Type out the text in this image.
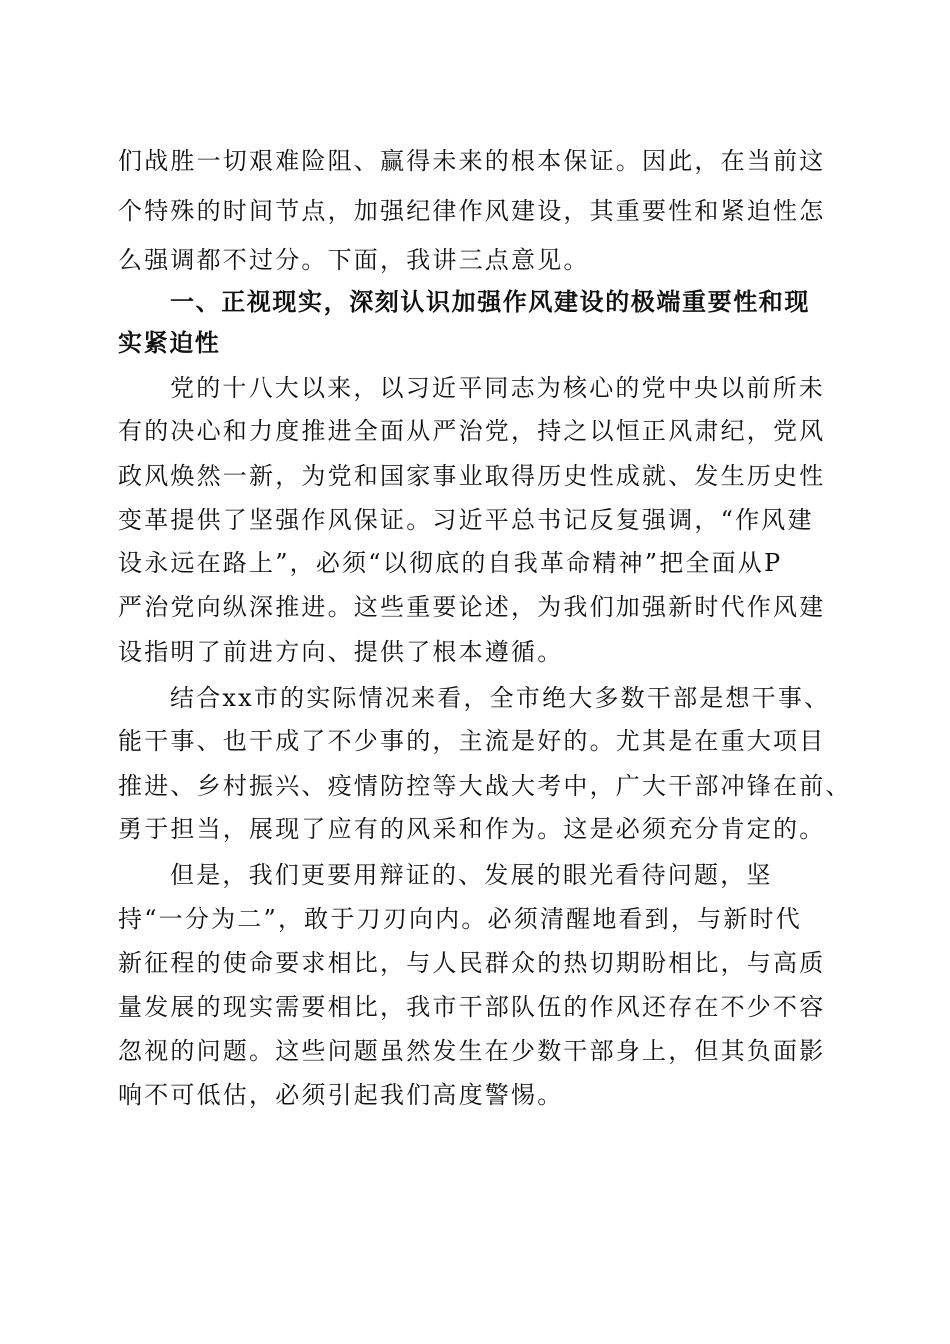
们战胜一切艰难险阻、赢得未来的根本保证。因此，在当前这
个特殊的时间节点，加强纪律作风建设，其重要性和紧迫性怎
么强调都不过分。下面，我讲三点意见。
一、正视现实，深刻认识加强作风建设的极端重要性和现
实紧迫性
党的十八大以来，以习近平同志为核心的党中央以前所未
有的决心和力度推进全面从严治党，持之以恒正风肃纪，党风
政风焕然一新，为党和国家事业取得历史性成就、发生历史性
变革提供了坚强作风保证。习近平总书记反复强调，“作风建
设永远在路上”，必须“以彻底的自我革命精神”把全面从P
严治党向纵深推进。这些重要论述，为我们加强新时代作风建
设指明了前进方向、提供了根本遵循。
结合xx市的实际情况来看，全市绝大多数干部是想干事、
能干事、也干成了不少事的，主流是好的。尤其是在重大项目
推进、乡村振兴、疫情防控等大战大考中，广大干部冲锋在前、
勇于担当，展现了应有的风采和作为。这是必须充分肯定的。
但是，我们更要用辩证的、发展的眼光看待问题，坚
持“一分为二”，敢于刀刃向内。必须清醒地看到，与新时代
新征程的使命要求相比，与人民群众的热切期盼相比，与高质
量发展的现实需要相比，我市干部队伍的作风还存在不少不容
忽视的问题。这些问题虽然发生在少数干部身上，但其负面影
响不可低估，必须引起我们高度警惕。
